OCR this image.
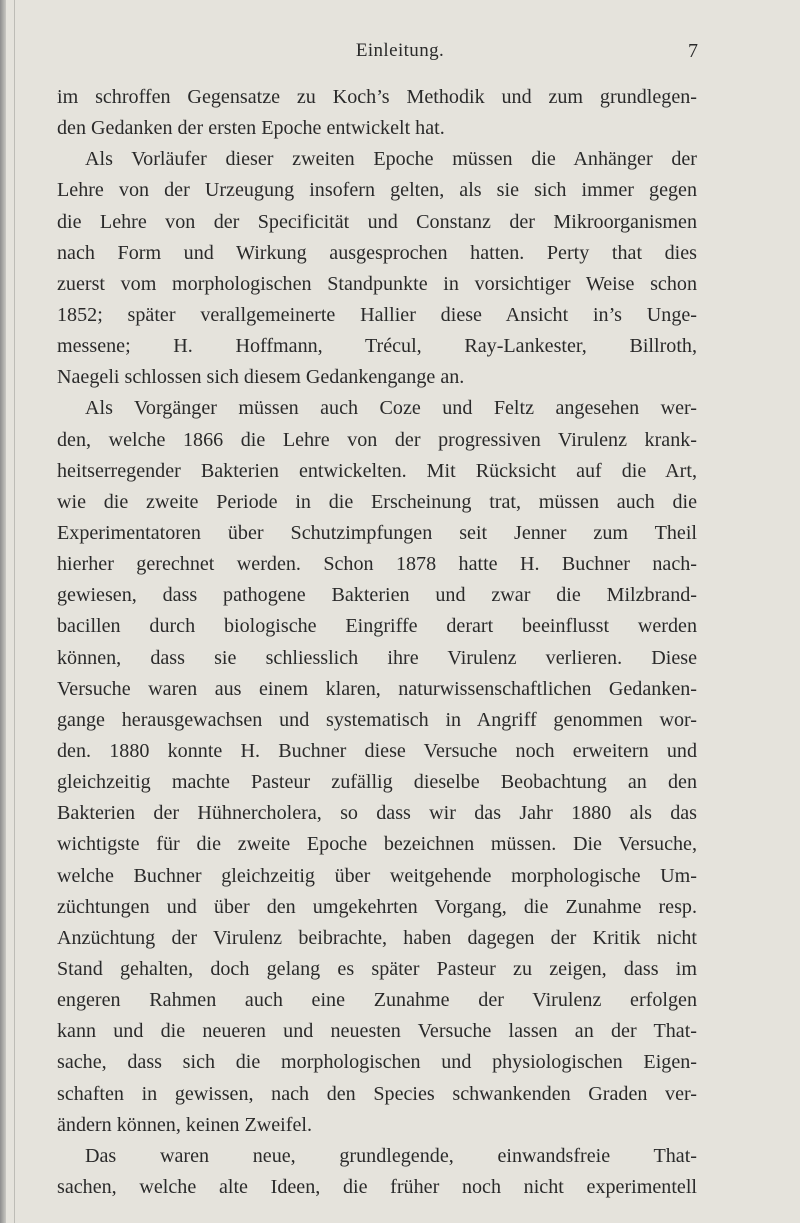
Einleitung.	7
im schroffen Gegensatze zu Koch’s Methodik und zum grundlegen-
den Gedanken der ersten Epoche entwickelt hat.
Als Vorläufer dieser zweiten Epoche müssen die Anhänger der
Lehre von der Urzeugung insofern gelten, als sie sich immer gegen
die Lehre von der Specificität und Constanz der Mikroorganismen
nach Form und Wirkung ausgesprochen hatten. Perty that dies
zuerst vom morphologischen Standpunkte in vorsichtiger Weise schon
1852; später verallgemeinerte Hallier diese Ansicht in’s Unge-
messene; H. Hoffmann, Trécul, Ray-Lankester, Billroth,
Naegeli schlossen sich diesem Gedankengange an.
Als Vorgänger müssen auch Coze und Feltz angesehen wer-
den, welche 1866 die Lehre von der progressiven Virulenz krank-
heitserregender Bakterien entwickelten. Mit Rücksicht auf die Art,
wie die zweite Periode in die Erscheinung trat, müssen auch die
Experimentatoren über Schutzimpfungen seit Jenner zum Theil
hierher gerechnet werden. Schon 1878 hatte H. Buchner nach-
gewiesen, dass pathogene Bakterien und zwar die Milzbrand-
bacillen durch biologische Eingriffe derart beeinflusst werden
können, dass sie schliesslich ihre Virulenz verlieren. Diese
Versuche waren aus einem klaren, naturwissenschaftlichen Gedanken-
gange herausgewachsen und systematisch in Angriff genommen wor-
den. 1880 konnte H. Buchner diese Versuche noch erweitern und
gleichzeitig machte Pasteur zufällig dieselbe Beobachtung an den
Bakterien der Hühnercholera, so dass wir das Jahr 1880 als das
wichtigste für die zweite Epoche bezeichnen müssen. Die Versuche,
welche Buchner gleichzeitig über weitgehende morphologische Um-
züchtungen und über den umgekehrten Vorgang, die Zunahme resp.
Anzüchtung der Virulenz beibrachte, haben dagegen der Kritik nicht
Stand gehalten, doch gelang es später Pasteur zu zeigen, dass im
engeren Rahmen auch eine Zunahme der Virulenz erfolgen
kann und die neueren und neuesten Versuche lassen an der That-
sache, dass sich die morphologischen und physiologischen Eigen-
schaften in gewissen, nach den Species schwankenden Graden ver-
ändern können, keinen Zweifel.
Das waren neue, grundlegende, einwandsfreie That-
sachen, welche alte Ideen, die früher noch nicht experimentell
